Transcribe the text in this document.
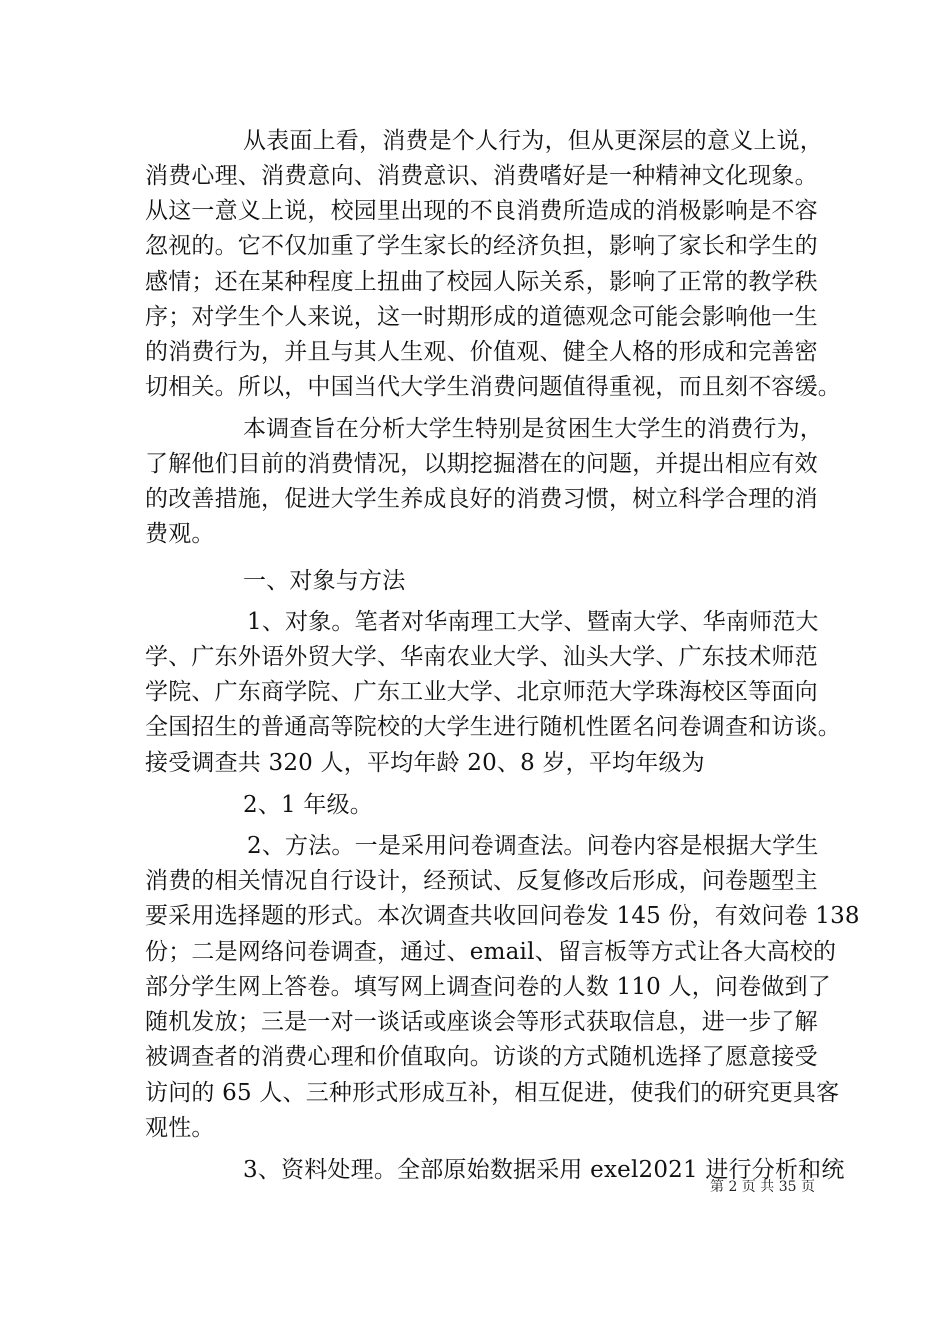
从表面上看，消费是个人行为，但从更深层的意义上说，
消费心理、消费意向、消费意识、消费嗜好是一种精神文化现象。
从这一意义上说，校园里出现的不良消费所造成的消极影响是不容
忽视的。它不仅加重了学生家长的经济负担，影响了家长和学生的
感情；还在某种程度上扭曲了校园人际关系，影响了正常的教学秩
序；对学生个人来说，这一时期形成的道德观念可能会影响他一生
的消费行为，并且与其人生观、价值观、健全人格的形成和完善密
切相关。所以，中国当代大学生消费问题值得重视，而且刻不容缓。
本调查旨在分析大学生特别是贫困生大学生的消费行为，
了解他们目前的消费情况，以期挖掘潜在的问题，并提出相应有效
的改善措施，促进大学生养成良好的消费习惯，树立科学合理的消
费观。
一、对象与方法
1、对象。笔者对华南理工大学、暨南大学、华南师范大
学、广东外语外贸大学、华南农业大学、汕头大学、广东技术师范
学院、广东商学院、广东工业大学、北京师范大学珠海校区等面向
全国招生的普通高等院校的大学生进行随机性匿名问卷调查和访谈。
接受调查共 320 人，平均年龄 20、8 岁，平均年级为
2、1 年级。
2、方法。一是采用问卷调查法。问卷内容是根据大学生
消费的相关情况自行设计，经预试、反复修改后形成，问卷题型主
要采用选择题的形式。本次调查共收回问卷发 145 份，有效问卷 138
份；二是网络问卷调查，通过、email、留言板等方式让各大高校的
部分学生网上答卷。填写网上调查问卷的人数 110 人，问卷做到了
随机发放；三是一对一谈话或座谈会等形式获取信息，进一步了解
被调查者的消费心理和价值取向。访谈的方式随机选择了愿意接受
访问的 65 人、三种形式形成互补，相互促进，使我们的研究更具客
观性。
3、资料处理。全部原始数据采用 exel2021 进行分析和统
第 2 页 共 35 页
